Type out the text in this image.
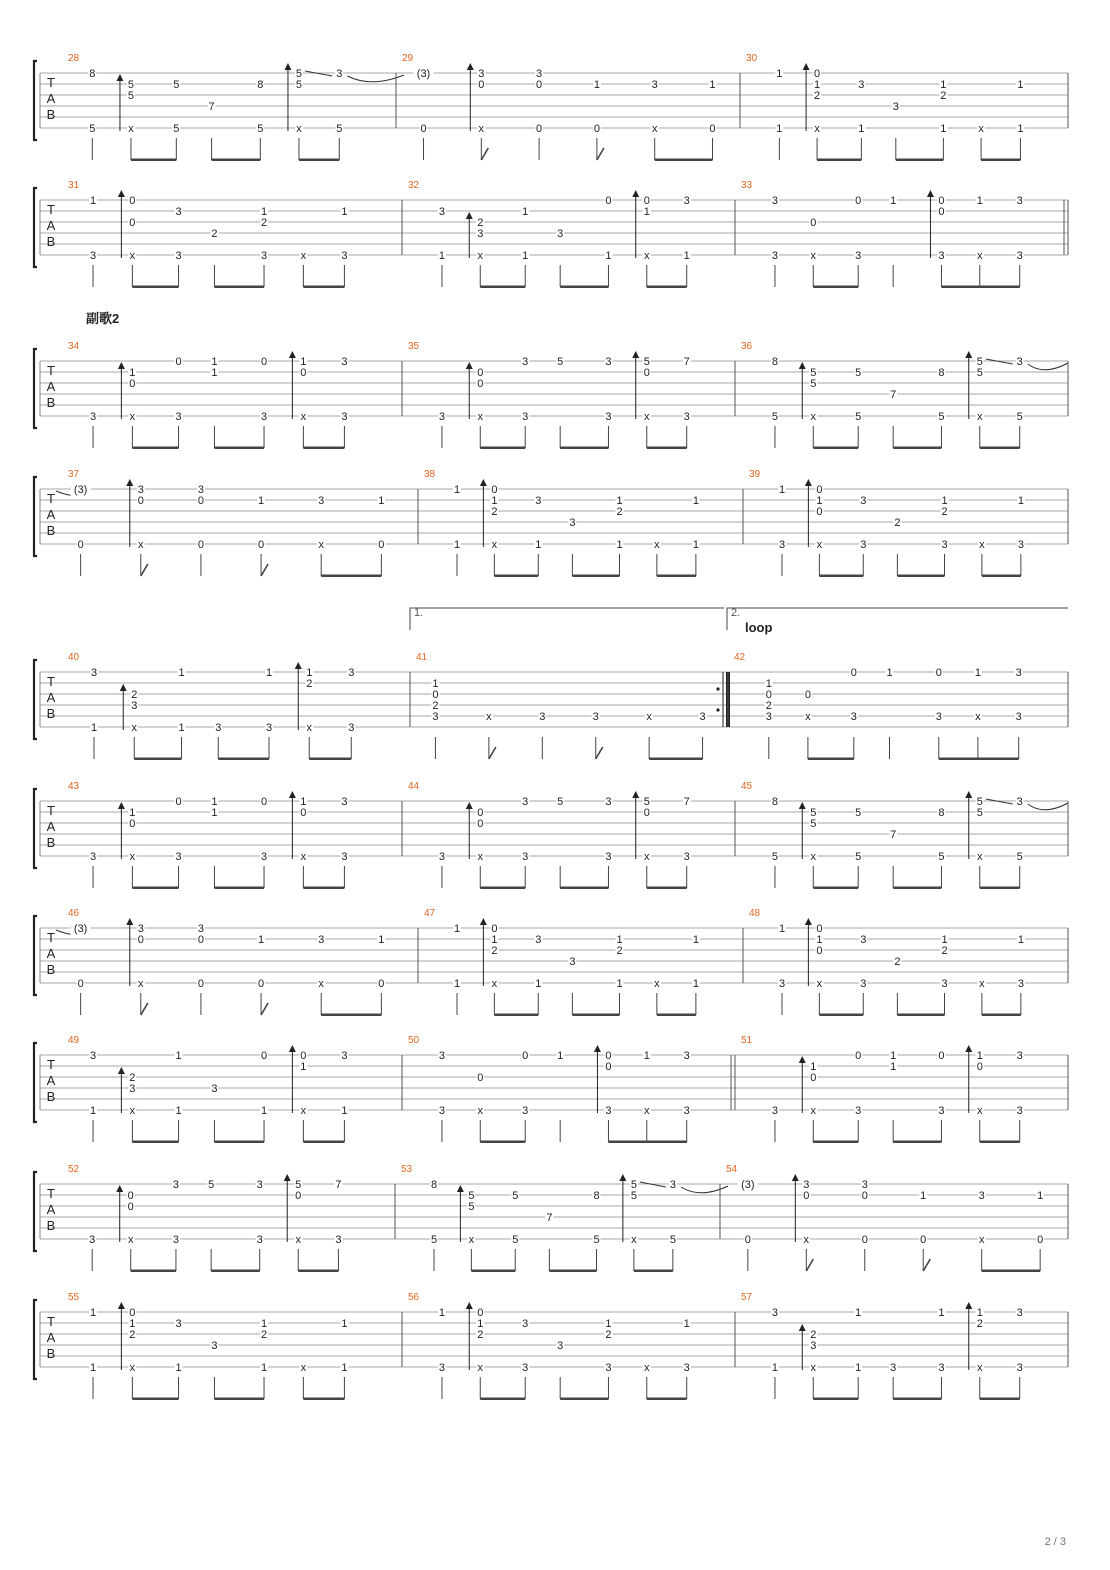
T
A
B
28
8
5
5
5
x
5
5
7
8
5
5
5
x
3
5
29
(3)
0
3
0
x
3
0
0
1
0
3
x
1
0
30
1
1
0
1
2
x
3
1
3
1
2
1	x
1
1
T
A
B
31
1
3
0
0
x
3
3
2
1
2
3	x
1
3
32
3
1
2
3
x
1
1
3
0
1
0
1
x
3
1
33
3
3
0
x
0
3
1	0
0
3
1
x
3
3
T
A
B
副歌2
34
3
1
0
x
0
3
1
1
0
3
1
0
x
3
3
35
3
0
0
x
3
3
5	3
3
5
0
x
7
3
36
8
5
5
5
x
5
5
7
8
5
5
5
x
3
5
T
A
B
37
(3)
0
3
0
x
3
0
0
1
0
3
x
1
0
38
1
1
0
1
2
x
3
1
3
1
2
1	x
1
1
39
1
3
0
1
0
x
3
3
2
1
2
3	x
1
3
T
A
B
1.	2.
loop
40
3
1
2
3
x
1
1	3
1
3
1
2
x
3
3
41
1
0
2
3	x	3	3	x	3
42
1
0
2
3
0
x
0
3
1	0
3
1
x
3
3
T
A
B
43
3
1
0
x
0
3
1
1
0
3
1
0
x
3
3
44
3
0
0
x
3
3
5	3
3
5
0
x
7
3
45
8
5
5
5
x
5
5
7
8
5
5
5
x
3
5
T
A
B
46
(3)
0
3
0
x
3
0
0
1
0
3
x
1
0
47
1
1
0
1
2
x
3
1
3
1
2
1	x
1
1
48
1
3
0
1
0
x
3
3
2
1
2
3	x
1
3
T
A
B
49
3
1
2
3
x
1
1
3
0
1
0
1
x
3
1
50
3
3
0
x
0
3
1	0
0
3
1
x
3
3
51
3
1
0
x
0
3
1
1
0
3
1
0
x
3
3
T
A
B
52
3
0
0
x
3
3
5	3
3
5
0
x
7
3
53
8
5
5
5
x
5
5
7
8
5
5
5
x
3
5
54
(3)
0
3
0
x
3
0
0
1
0
3
x
1
0
T
A
B
55
1
1
0
1
2
x
3
1
3
1
2
1	x
1
1
56
1
3
0
1
2
x
3
3
3
1
2
3	x
1
3
57
3
1
2
3
x
1
1	3
1
3
1
2
x
3
3
2 / 3
